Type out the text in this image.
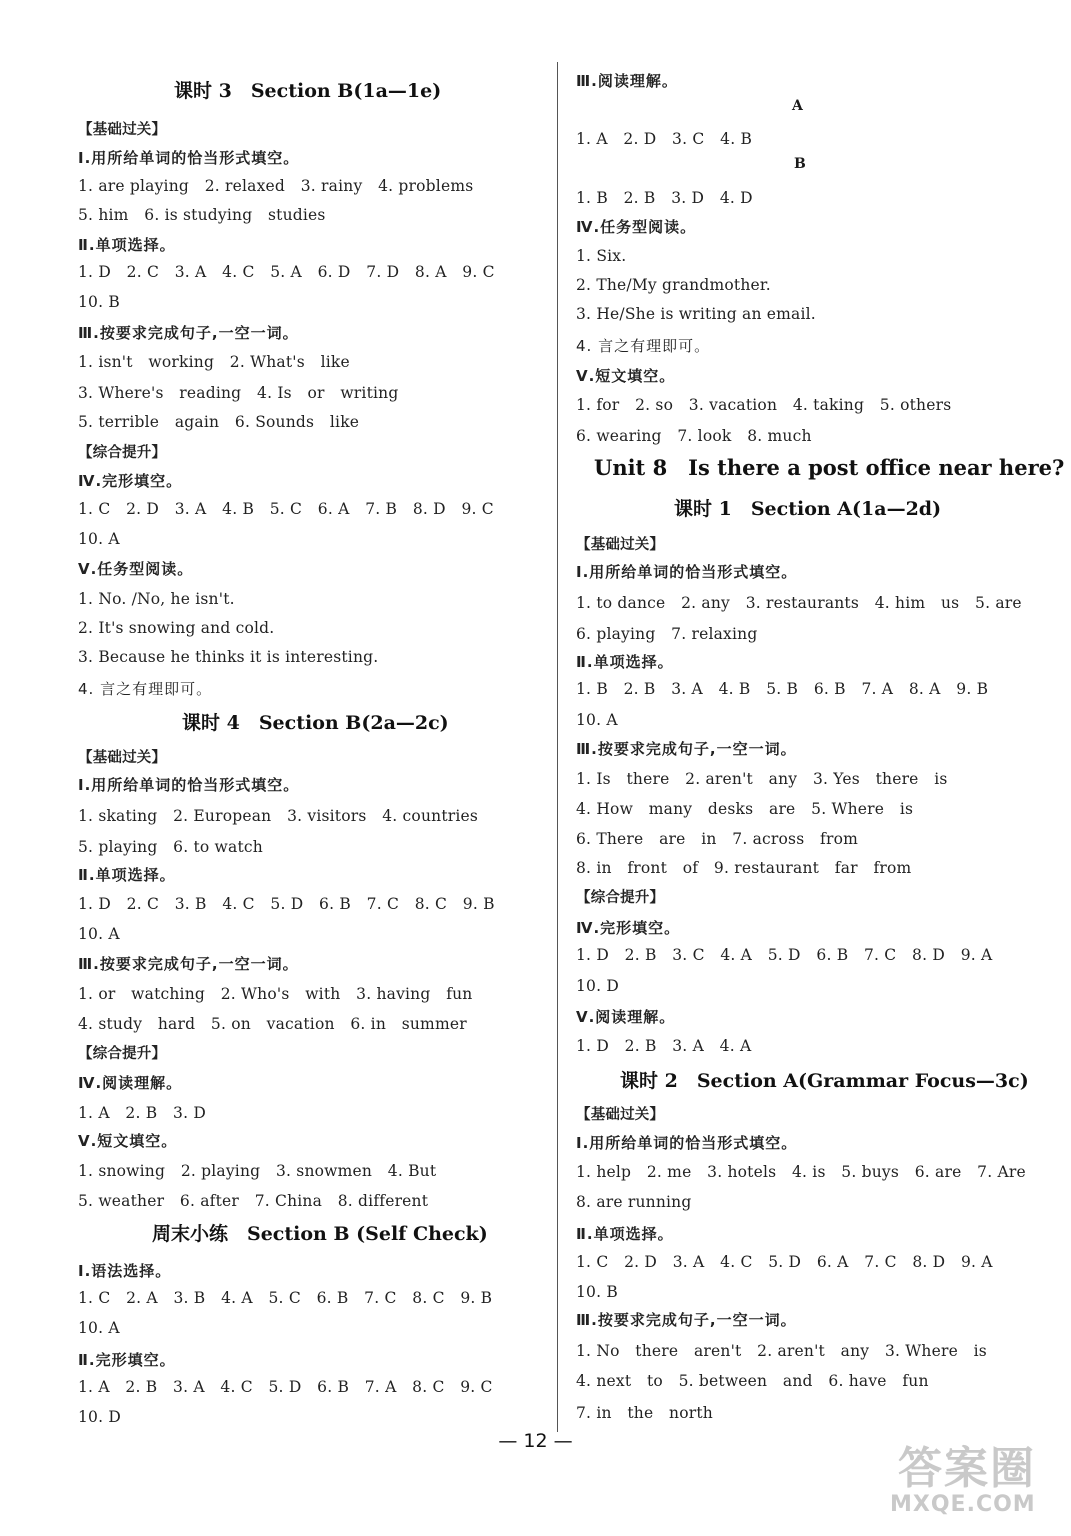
课时 3　Section B(1a—1e)
【基础过关】
Ⅰ.用所给单词的恰当形式填空。
1. are playing　2. relaxed　3. rainy　4. problems
5. him　6. is studying　studies
Ⅱ.单项选择。
1. D　2. C　3. A　4. C　5. A　6. D　7. D　8. A　9. C
10. B
Ⅲ.按要求完成句子,一空一词。
1. isn't　working　2. What's　like
3. Where's　reading　4. Is　or　writing
5. terrible　again　6. Sounds　like
【综合提升】
Ⅳ.完形填空。
1. C　2. D　3. A　4. B　5. C　6. A　7. B　8. D　9. C
10. A
Ⅴ.任务型阅读。
1. No. /No, he isn't.
2. It's snowing and cold.
3. Because he thinks it is interesting.
4. 言之有理即可。
课时 4　Section B(2a—2c)
【基础过关】
Ⅰ.用所给单词的恰当形式填空。
1. skating　2. European　3. visitors　4. countries
5. playing　6. to watch
Ⅱ.单项选择。
1. D　2. C　3. B　4. C　5. D　6. B　7. C　8. C　9. B
10. A
Ⅲ.按要求完成句子,一空一词。
1. or　watching　2. Who's　with　3. having　fun
4. study　hard　5. on　vacation　6. in　summer
【综合提升】
Ⅳ.阅读理解。
1. A　2. B　3. D
Ⅴ.短文填空。
1. snowing　2. playing　3. snowmen　4. But
5. weather　6. after　7. China　8. different
周末小练　Section B (Self Check)
Ⅰ.语法选择。
1. C　2. A　3. B　4. A　5. C　6. B　7. C　8. C　9. B
10. A
Ⅱ.完形填空。
1. A　2. B　3. A　4. C　5. D　6. B　7. A　8. C　9. C
10. D
Ⅲ.阅读理解。
A
1. A　2. D　3. C　4. B
B
1. B　2. B　3. D　4. D
Ⅳ.任务型阅读。
1. Six.
2. The/My grandmother.
3. He/She is writing an email.
4. 言之有理即可。
Ⅴ.短文填空。
1. for　2. so　3. vacation　4. taking　5. others
6. wearing　7. look　8. much
Unit 8　Is there a post office near here?
课时 1　Section A(1a—2d)
【基础过关】
Ⅰ.用所给单词的恰当形式填空。
1. to dance　2. any　3. restaurants　4. him　us　5. are
6. playing　7. relaxing
Ⅱ.单项选择。
1. B　2. B　3. A　4. B　5. B　6. B　7. A　8. A　9. B
10. A
Ⅲ.按要求完成句子,一空一词。
1. Is　there　2. aren't　any　3. Yes　there　is
4. How　many　desks　are　5. Where　is
6. There　are　in　7. across　from
8. in　front　of　9. restaurant　far　from
【综合提升】
Ⅳ.完形填空。
1. D　2. B　3. C　4. A　5. D　6. B　7. C　8. D　9. A
10. D
Ⅴ.阅读理解。
1. D　2. B　3. A　4. A
课时 2　Section A(Grammar Focus—3c)
【基础过关】
Ⅰ.用所给单词的恰当形式填空。
1. help　2. me　3. hotels　4. is　5. buys　6. are　7. Are
8. are running
Ⅱ.单项选择。
1. C　2. D　3. A　4. C　5. D　6. A　7. C　8. D　9. A
10. B
Ⅲ.按要求完成句子,一空一词。
1. No　there　aren't　2. aren't　any　3. Where　is
4. next　to　5. between　and　6. have　fun
7. in　the　north
— 12 —
答案圈
MXQE.COM
